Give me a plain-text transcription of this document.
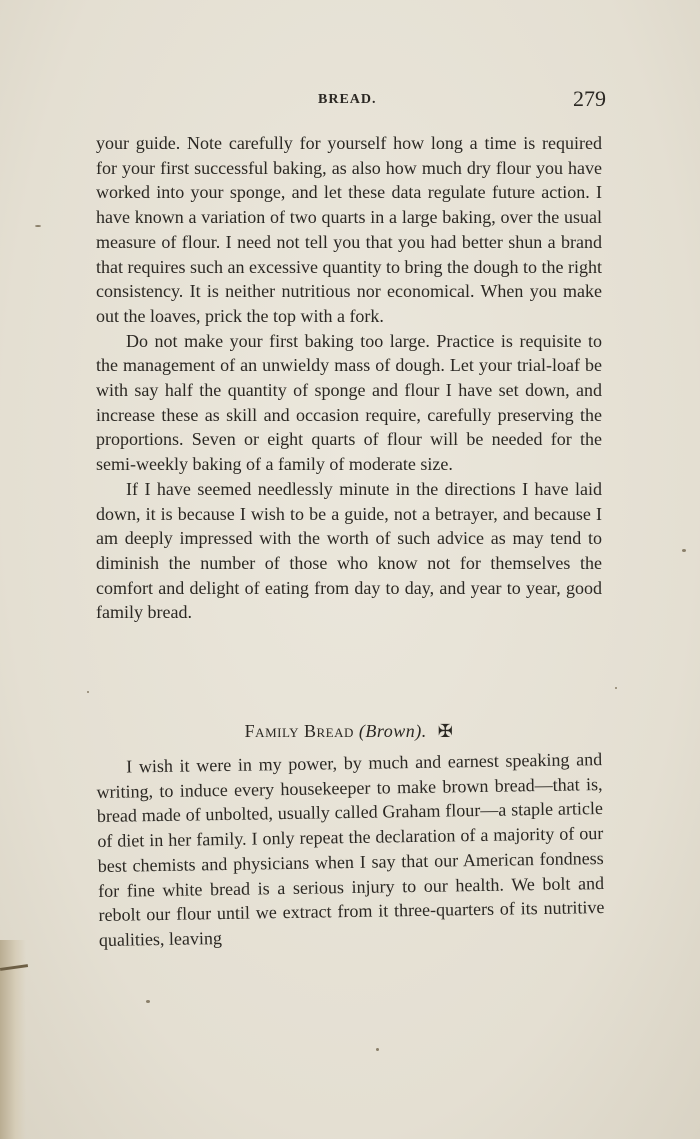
BREAD.	279

your guide. Note carefully for yourself how long a time is required for your first successful baking, as also how much dry flour you have worked into your sponge, and let these data regulate future action. I have known a variation of two quarts in a large baking, over the usual measure of flour. I need not tell you that you had better shun a brand that requires such an excessive quantity to bring the dough to the right consistency. It is neither nutritious nor economical. When you make out the loaves, prick the top with a fork.

Do not make your first baking too large. Practice is requisite to the management of an unwieldy mass of dough. Let your trial-loaf be with say half the quantity of sponge and flour I have set down, and increase these as skill and occasion require, carefully preserving the proportions. Seven or eight quarts of flour will be needed for the semi-weekly baking of a family of moderate size.

If I have seemed needlessly minute in the directions I have laid down, it is because I wish to be a guide, not a betrayer, and because I am deeply impressed with the worth of such advice as may tend to diminish the number of those who know not for themselves the comfort and delight of eating from day to day, and year to year, good family bread.

Family Bread (Brown). ✠

I wish it were in my power, by much and earnest speaking and writing, to induce every housekeeper to make brown bread—that is, bread made of unbolted, usually called Graham flour—a staple article of diet in her family. I only repeat the declaration of a majority of our best chemists and physicians when I say that our American fondness for fine white bread is a serious injury to our health. We bolt and rebolt our flour until we extract from it three-quarters of its nutritive qualities, leaving
